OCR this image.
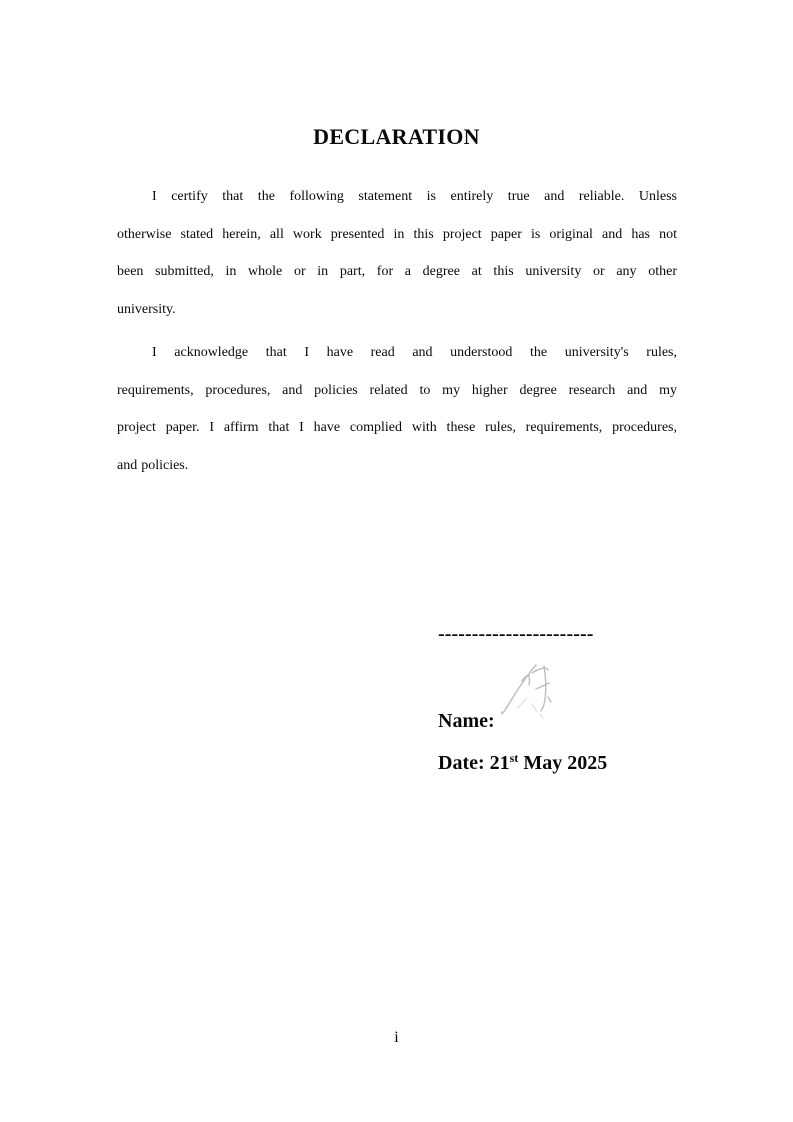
DECLARATION
I certify that the following statement is entirely true and reliable. Unless
otherwise stated herein, all work presented in this project paper is original and has not
been submitted, in whole or in part, for a degree at this university or any other
university.
I acknowledge that I have read and understood the university's rules,
requirements, procedures, and policies related to my higher degree research and my
project paper. I affirm that I have complied with these rules, requirements, procedures,
and policies.
-----------------------
Name:
Date: 21st May 2025
i
